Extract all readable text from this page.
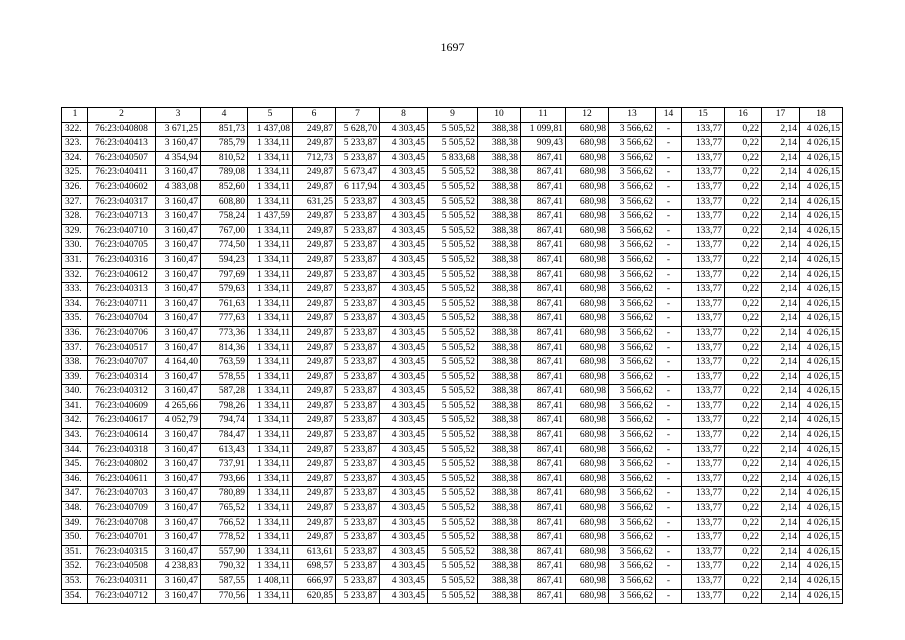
1697
1	2	3	4	5	6	7	8	9	10	11	12	13	14	15	16	17	18
322.	76:23:040808	3 671,25	851,73	1 437,08	249,87	5 628,70	4 303,45	5 505,52	388,38	1 099,81	680,98	3 566,62	-	133,77	0,22	2,14	4 026,15
323.	76:23:040413	3 160,47	785,79	1 334,11	249,87	5 233,87	4 303,45	5 505,52	388,38	909,43	680,98	3 566,62	-	133,77	0,22	2,14	4 026,15
324.	76:23:040507	4 354,94	810,52	1 334,11	712,73	5 233,87	4 303,45	5 833,68	388,38	867,41	680,98	3 566,62	-	133,77	0,22	2,14	4 026,15
325.	76:23:040411	3 160,47	789,08	1 334,11	249,87	5 673,47	4 303,45	5 505,52	388,38	867,41	680,98	3 566,62	-	133,77	0,22	2,14	4 026,15
326.	76:23:040602	4 383,08	852,60	1 334,11	249,87	6 117,94	4 303,45	5 505,52	388,38	867,41	680,98	3 566,62	-	133,77	0,22	2,14	4 026,15
327.	76:23:040317	3 160,47	608,80	1 334,11	631,25	5 233,87	4 303,45	5 505,52	388,38	867,41	680,98	3 566,62	-	133,77	0,22	2,14	4 026,15
328.	76:23:040713	3 160,47	758,24	1 437,59	249,87	5 233,87	4 303,45	5 505,52	388,38	867,41	680,98	3 566,62	-	133,77	0,22	2,14	4 026,15
329.	76:23:040710	3 160,47	767,00	1 334,11	249,87	5 233,87	4 303,45	5 505,52	388,38	867,41	680,98	3 566,62	-	133,77	0,22	2,14	4 026,15
330.	76:23:040705	3 160,47	774,50	1 334,11	249,87	5 233,87	4 303,45	5 505,52	388,38	867,41	680,98	3 566,62	-	133,77	0,22	2,14	4 026,15
331.	76:23:040316	3 160,47	594,23	1 334,11	249,87	5 233,87	4 303,45	5 505,52	388,38	867,41	680,98	3 566,62	-	133,77	0,22	2,14	4 026,15
332.	76:23:040612	3 160,47	797,69	1 334,11	249,87	5 233,87	4 303,45	5 505,52	388,38	867,41	680,98	3 566,62	-	133,77	0,22	2,14	4 026,15
333.	76:23:040313	3 160,47	579,63	1 334,11	249,87	5 233,87	4 303,45	5 505,52	388,38	867,41	680,98	3 566,62	-	133,77	0,22	2,14	4 026,15
334.	76:23:040711	3 160,47	761,63	1 334,11	249,87	5 233,87	4 303,45	5 505,52	388,38	867,41	680,98	3 566,62	-	133,77	0,22	2,14	4 026,15
335.	76:23:040704	3 160,47	777,63	1 334,11	249,87	5 233,87	4 303,45	5 505,52	388,38	867,41	680,98	3 566,62	-	133,77	0,22	2,14	4 026,15
336.	76:23:040706	3 160,47	773,36	1 334,11	249,87	5 233,87	4 303,45	5 505,52	388,38	867,41	680,98	3 566,62	-	133,77	0,22	2,14	4 026,15
337.	76:23:040517	3 160,47	814,36	1 334,11	249,87	5 233,87	4 303,45	5 505,52	388,38	867,41	680,98	3 566,62	-	133,77	0,22	2,14	4 026,15
338.	76:23:040707	4 164,40	763,59	1 334,11	249,87	5 233,87	4 303,45	5 505,52	388,38	867,41	680,98	3 566,62	-	133,77	0,22	2,14	4 026,15
339.	76:23:040314	3 160,47	578,55	1 334,11	249,87	5 233,87	4 303,45	5 505,52	388,38	867,41	680,98	3 566,62	-	133,77	0,22	2,14	4 026,15
340.	76:23:040312	3 160,47	587,28	1 334,11	249,87	5 233,87	4 303,45	5 505,52	388,38	867,41	680,98	3 566,62	-	133,77	0,22	2,14	4 026,15
341.	76:23:040609	4 265,66	798,26	1 334,11	249,87	5 233,87	4 303,45	5 505,52	388,38	867,41	680,98	3 566,62	-	133,77	0,22	2,14	4 026,15
342.	76:23:040617	4 052,79	794,74	1 334,11	249,87	5 233,87	4 303,45	5 505,52	388,38	867,41	680,98	3 566,62	-	133,77	0,22	2,14	4 026,15
343.	76:23:040614	3 160,47	784,47	1 334,11	249,87	5 233,87	4 303,45	5 505,52	388,38	867,41	680,98	3 566,62	-	133,77	0,22	2,14	4 026,15
344.	76:23:040318	3 160,47	613,43	1 334,11	249,87	5 233,87	4 303,45	5 505,52	388,38	867,41	680,98	3 566,62	-	133,77	0,22	2,14	4 026,15
345.	76:23:040802	3 160,47	737,91	1 334,11	249,87	5 233,87	4 303,45	5 505,52	388,38	867,41	680,98	3 566,62	-	133,77	0,22	2,14	4 026,15
346.	76:23:040611	3 160,47	793,66	1 334,11	249,87	5 233,87	4 303,45	5 505,52	388,38	867,41	680,98	3 566,62	-	133,77	0,22	2,14	4 026,15
347.	76:23:040703	3 160,47	780,89	1 334,11	249,87	5 233,87	4 303,45	5 505,52	388,38	867,41	680,98	3 566,62	-	133,77	0,22	2,14	4 026,15
348.	76:23:040709	3 160,47	765,52	1 334,11	249,87	5 233,87	4 303,45	5 505,52	388,38	867,41	680,98	3 566,62	-	133,77	0,22	2,14	4 026,15
349.	76:23:040708	3 160,47	766,52	1 334,11	249,87	5 233,87	4 303,45	5 505,52	388,38	867,41	680,98	3 566,62	-	133,77	0,22	2,14	4 026,15
350.	76:23:040701	3 160,47	778,52	1 334,11	249,87	5 233,87	4 303,45	5 505,52	388,38	867,41	680,98	3 566,62	-	133,77	0,22	2,14	4 026,15
351.	76:23:040315	3 160,47	557,90	1 334,11	613,61	5 233,87	4 303,45	5 505,52	388,38	867,41	680,98	3 566,62	-	133,77	0,22	2,14	4 026,15
352.	76:23:040508	4 238,83	790,32	1 334,11	698,57	5 233,87	4 303,45	5 505,52	388,38	867,41	680,98	3 566,62	-	133,77	0,22	2,14	4 026,15
353.	76:23:040311	3 160,47	587,55	1 408,11	666,97	5 233,87	4 303,45	5 505,52	388,38	867,41	680,98	3 566,62	-	133,77	0,22	2,14	4 026,15
354.	76:23:040712	3 160,47	770,56	1 334,11	620,85	5 233,87	4 303,45	5 505,52	388,38	867,41	680,98	3 566,62	-	133,77	0,22	2,14	4 026,15
